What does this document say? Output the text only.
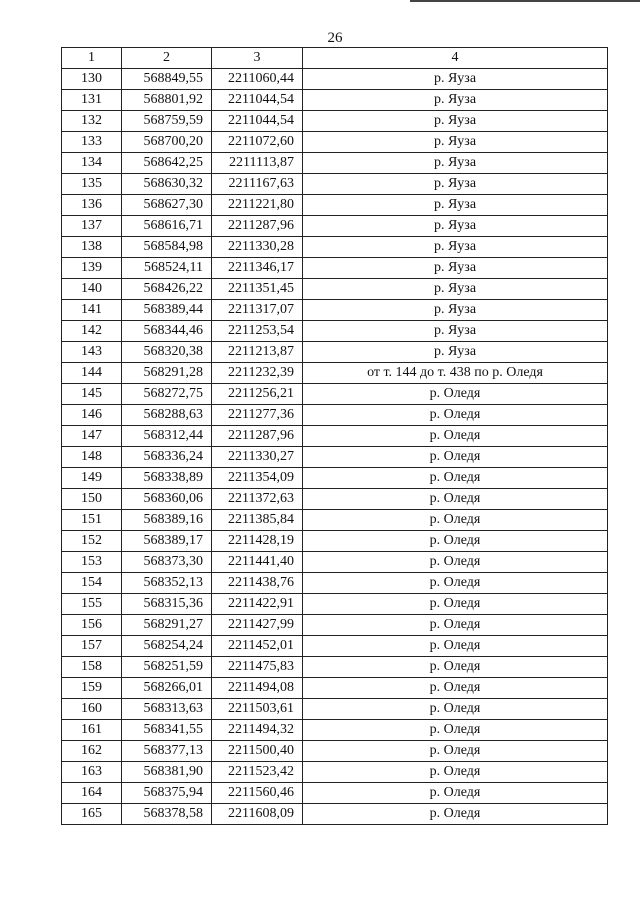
26
1	2	3	4
130	568849,55	2211060,44	р. Яуза
131	568801,92	2211044,54	р. Яуза
132	568759,59	2211044,54	р. Яуза
133	568700,20	2211072,60	р. Яуза
134	568642,25	2211113,87	р. Яуза
135	568630,32	2211167,63	р. Яуза
136	568627,30	2211221,80	р. Яуза
137	568616,71	2211287,96	р. Яуза
138	568584,98	2211330,28	р. Яуза
139	568524,11	2211346,17	р. Яуза
140	568426,22	2211351,45	р. Яуза
141	568389,44	2211317,07	р. Яуза
142	568344,46	2211253,54	р. Яуза
143	568320,38	2211213,87	р. Яуза
144	568291,28	2211232,39	от т. 144 до т. 438 по р. Оледя
145	568272,75	2211256,21	р. Оледя
146	568288,63	2211277,36	р. Оледя
147	568312,44	2211287,96	р. Оледя
148	568336,24	2211330,27	р. Оледя
149	568338,89	2211354,09	р. Оледя
150	568360,06	2211372,63	р. Оледя
151	568389,16	2211385,84	р. Оледя
152	568389,17	2211428,19	р. Оледя
153	568373,30	2211441,40	р. Оледя
154	568352,13	2211438,76	р. Оледя
155	568315,36	2211422,91	р. Оледя
156	568291,27	2211427,99	р. Оледя
157	568254,24	2211452,01	р. Оледя
158	568251,59	2211475,83	р. Оледя
159	568266,01	2211494,08	р. Оледя
160	568313,63	2211503,61	р. Оледя
161	568341,55	2211494,32	р. Оледя
162	568377,13	2211500,40	р. Оледя
163	568381,90	2211523,42	р. Оледя
164	568375,94	2211560,46	р. Оледя
165	568378,58	2211608,09	р. Оледя
